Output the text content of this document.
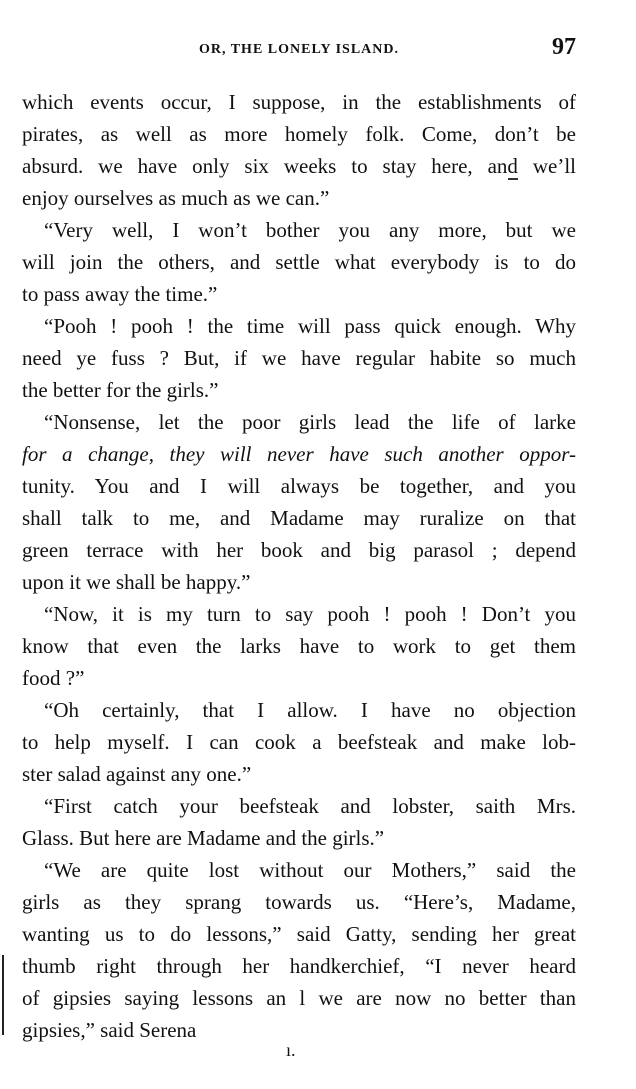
OR, THE LONELY ISLAND.	97
which events occur, I suppose, in the establishments of
pirates, as well as more homely folk. Come, don’t be
absurd. we have only six weeks to stay here, and we’ll
enjoy ourselves as much as we can.”
“Very well, I won’t bother you any more, but we
will join the others, and settle what everybody is to do
to pass away the time.”
“Pooh ! pooh ! the time will pass quick enough. Why
need ye fuss ? But, if we have regular habite so much
the better for the girls.”
“Nonsense, let the poor girls lead the life of larke
for a change, they will never have such another oppor-
tunity. You and I will always be together, and you
shall talk to me, and Madame may ruralize on that
green terrace with her book and big parasol ; depend
upon it we shall be happy.”
“Now, it is my turn to say pooh ! pooh ! Don’t you
know that even the larks have to work to get them
food ?”
“Oh certainly, that I allow. I have no objection
to help myself. I can cook a beefsteak and make lob-
ster salad against any one.”
“First catch your beefsteak and lobster, saith Mrs.
Glass. But here are Madame and the girls.”
“We are quite lost without our Mothers,” said the
girls as they sprang towards us. “Here’s, Madame,
wanting us to do lessons,” said Gatty, sending her great
thumb right through her handkerchief, “I never heard
of gipsies saying lessons an l we are now no better than
gipsies,” said Serena
ı.
